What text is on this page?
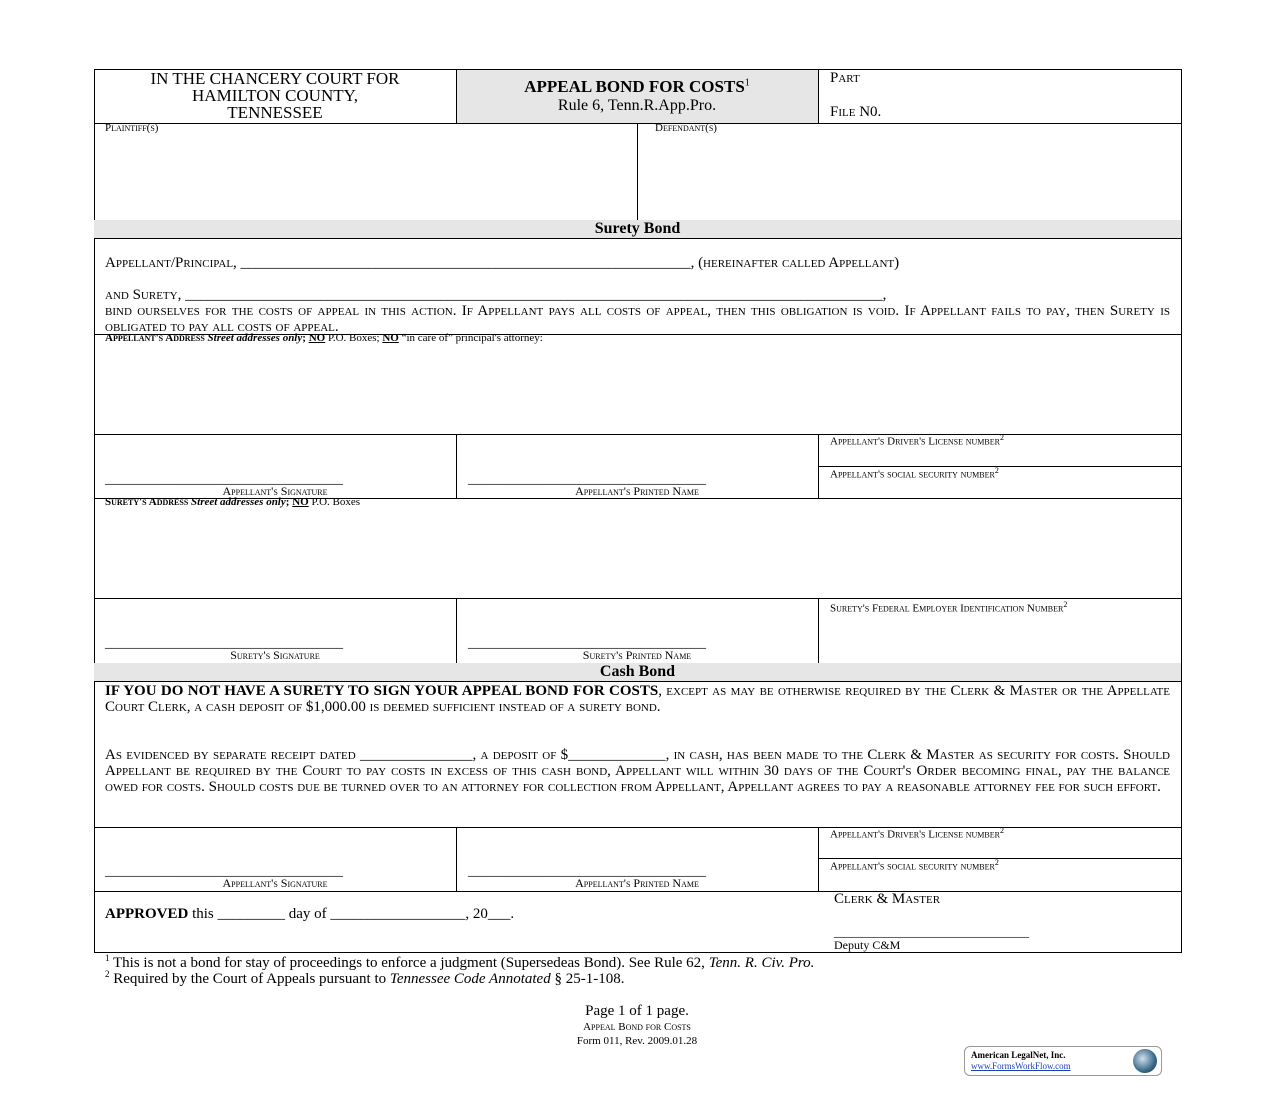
IN THE CHANCERY COURT FOR
HAMILTON COUNTY,
TENNESSEE
APPEAL BOND FOR COSTS$^1$
Rule 6, Tenn.R.App.Pro.
Part
File N0.
Plaintiff(s)	Defendant(s)
Surety Bond
Appellant/Principal, ____________________________________________________________, (hereinafter called Appellant)
and Surety, _____________________________________________________________________________________________,
bind ourselves for the costs of appeal in this action. If Appellant pays all costs of appeal, then this obligation is void. If Appellant fails to pay, then Surety is obligated to pay all costs of appeal.
Appellant's Address Street addresses only; NO P.O. Boxes; NO “in care of” principal's attorney:
__________________________________
Appellant's Signature
__________________________________
Appellant's Printed Name
Appellant's Driver's License number$^2$
Appellant's social security number$^2$
Surety's Address Street addresses only; NO P.O. Boxes
__________________________________
Surety's Signature
__________________________________
Surety's Printed Name
Surety's Federal Employer Identification Number$^2$
Cash Bond
IF YOU DO NOT HAVE A SURETY TO SIGN YOUR APPEAL BOND FOR COSTS, except as may be otherwise required by the Clerk & Master or the Appellate Court Clerk, a cash deposit of $1,000.00 is deemed sufficient instead of a surety bond.
As evidenced by separate receipt dated _______________, a deposit of $_____________, in cash, has been made to the Clerk & Master as security for costs. Should Appellant be required by the Court to pay costs in excess of this cash bond, Appellant will within 30 days of the Court's Order becoming final, pay the balance owed for costs. Should costs due be turned over to an attorney for collection from Appellant, Appellant agrees to pay a reasonable attorney fee for such effort.
__________________________________
Appellant's Signature
__________________________________
Appellant's Printed Name
Appellant's Driver's License number$^2$
Appellant's social security number$^2$
APPROVED this _________ day of __________________, 20___.
Clerk & Master
______________________________
Deputy C&M
$^1$ This is not a bond for stay of proceedings to enforce a judgment (Supersedeas Bond). See Rule 62, Tenn. R. Civ. Pro.
$^2$ Required by the Court of Appeals pursuant to Tennessee Code Annotated § 25-1-108.
Page 1 of 1 page.
Appeal Bond for Costs
Form 011, Rev. 2009.01.28
American LegalNet, Inc.
www.FormsWorkFlow.com
